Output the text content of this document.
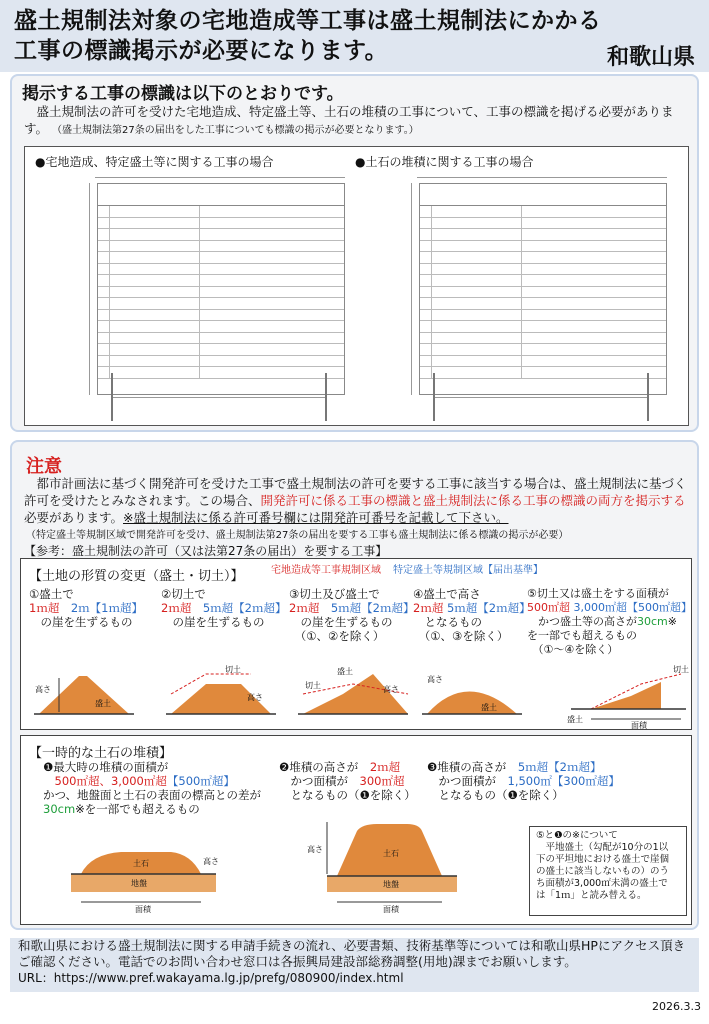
盛土規制法対象の宅地造成等工事は盛土規制法にかかる
工事の標識掲示が必要になります。	和歌山県
掲示する工事の標識は以下のとおりです。
　盛土規制法の許可を受けた宅地造成、特定盛土等、土石の堆積の工事について、工事の標識を掲げる必要があります。 （盛土規制法第27条の届出をした工事についても標識の掲示が必要となります。）
●宅地造成、特定盛土等に関する工事の場合	●土石の堆積に関する工事の場合
注意
　都市計画法に基づく開発許可を受けた工事で盛土規制法の許可を要する工事に該当する場合は、盛土規制法に基づく許可を受けたとみなされます。この場合、開発許可に係る工事の標識と盛土規制法に係る工事の標識の両方を掲示する必要があります。※盛土規制法に係る許可番号欄には開発許可番号を記載して下さい。
（特定盛土等規制区域で開発許可を受け、盛土規制法第27条の届出を要する工事も盛土規制法に係る標識の掲示が必要）
【参考：盛土規制法の許可（又は法第27条の届出）を要する工事】
【土地の形質の変更（盛土・切土）】	宅地造成等工事規制区域 特定盛土等規制区域【届出基準】
①盛土で
1ｍ超　 2ｍ【1ｍ超】
　の崖を生ずるもの
②切土で
2ｍ超　 5ｍ超【2ｍ超】
　の崖を生ずるもの
③切土及び盛土で
2ｍ超　 5ｍ超【2ｍ超】
　の崖を生ずるもの
　（①、②を除く）
④盛土で高さ
2ｍ超 5ｍ超【2ｍ超】
　となるもの
　（①、③を除く）
⑤切土又は盛土をする面積が
500㎡超 3,000㎡超【500㎡超】
　かつ盛土等の高さが30cm※
を一部でも超えるもの
　（①～④を除く）
高さ
盛土
切土
高さ
盛土
切土	高さ
高さ
盛土
切土
盛土
面積
【一時的な土石の堆積】
❶最大時の堆積の面積が
　500㎡超、3,000㎡超【500㎡超】
かつ、地盤面と土石の表面の標高との差が
30cm※を一部でも超えるもの
❷堆積の高さが　 2ｍ超
　かつ面積が　 300㎡超
　となるもの（❶を除く）
❸堆積の高さが　 5ｍ超【2ｍ超】
　かつ面積が　 1,500㎡【300㎡超】
　となるもの（❶を除く）
土石
地盤
高さ
面積
高さ	土石
地盤
面積
⑤と❶の※について
　平地盛土（勾配が10分の1以
下の平坦地における盛土で崖個
の盛土に該当しないもの）のう
ち面積が3,000㎡未満の盛土で
は「1ｍ」と読み替える。
和歌山県における盛土規制法に関する申請手続きの流れ、必要書類、技術基準等については和歌山県HPにアクセス頂きご確認ください。電話でのお問い合わせ窓口は各振興局建設部総務調整(用地)課までお願いします。
URL：https://www.pref.wakayama.lg.jp/prefg/080900/index.html
2026.3.3
